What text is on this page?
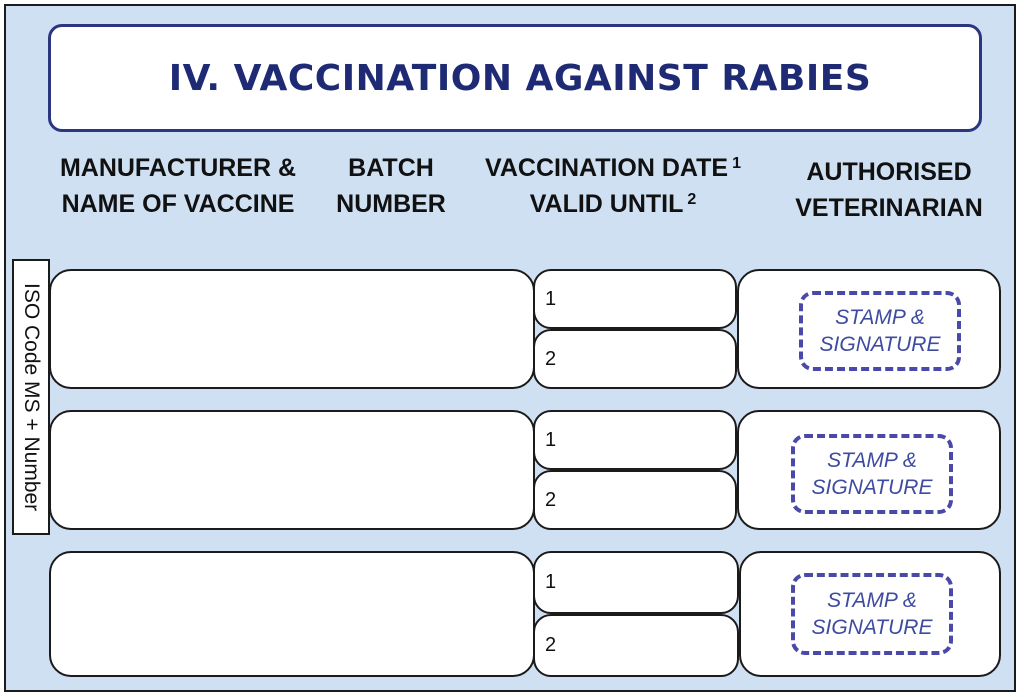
IV. VACCINATION AGAINST RABIES
MANUFACTURER &
NAME OF VACCINE
BATCH
NUMBER
VACCINATION DATE $^1$
VALID UNTIL $^2$
AUTHORISED
VETERINARIAN
ISO Code MS + Number	1
2
STAMP &
SIGNATURE
1
2
STAMP &
SIGNATURE
1
2
STAMP &
SIGNATURE
